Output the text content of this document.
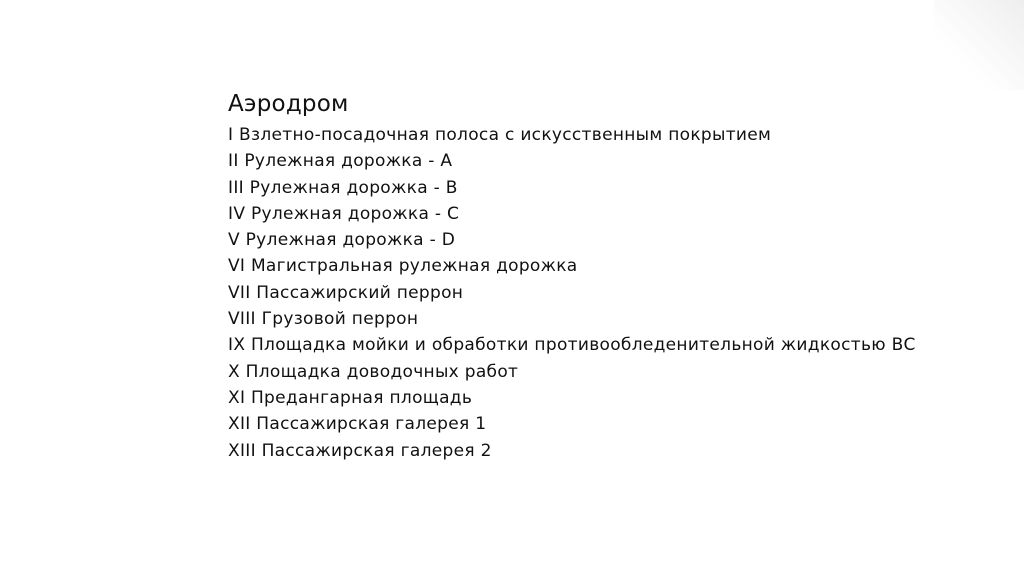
Аэродром
I Взлетно-посадочная полоса с искусственным покрытием
II Рулежная дорожка - А
III Рулежная дорожка - В
IV Рулежная дорожка - С
V Рулежная дорожка - D
VI Магистральная рулежная дорожка
VII Пассажирский перрон
VIII Грузовой перрон
IX Площадка мойки и обработки противообледенительной жидкостью ВС
X Площадка доводочных работ
XI Предангарная площадь
XII Пассажирская галерея 1
XIII Пассажирская галерея 2
